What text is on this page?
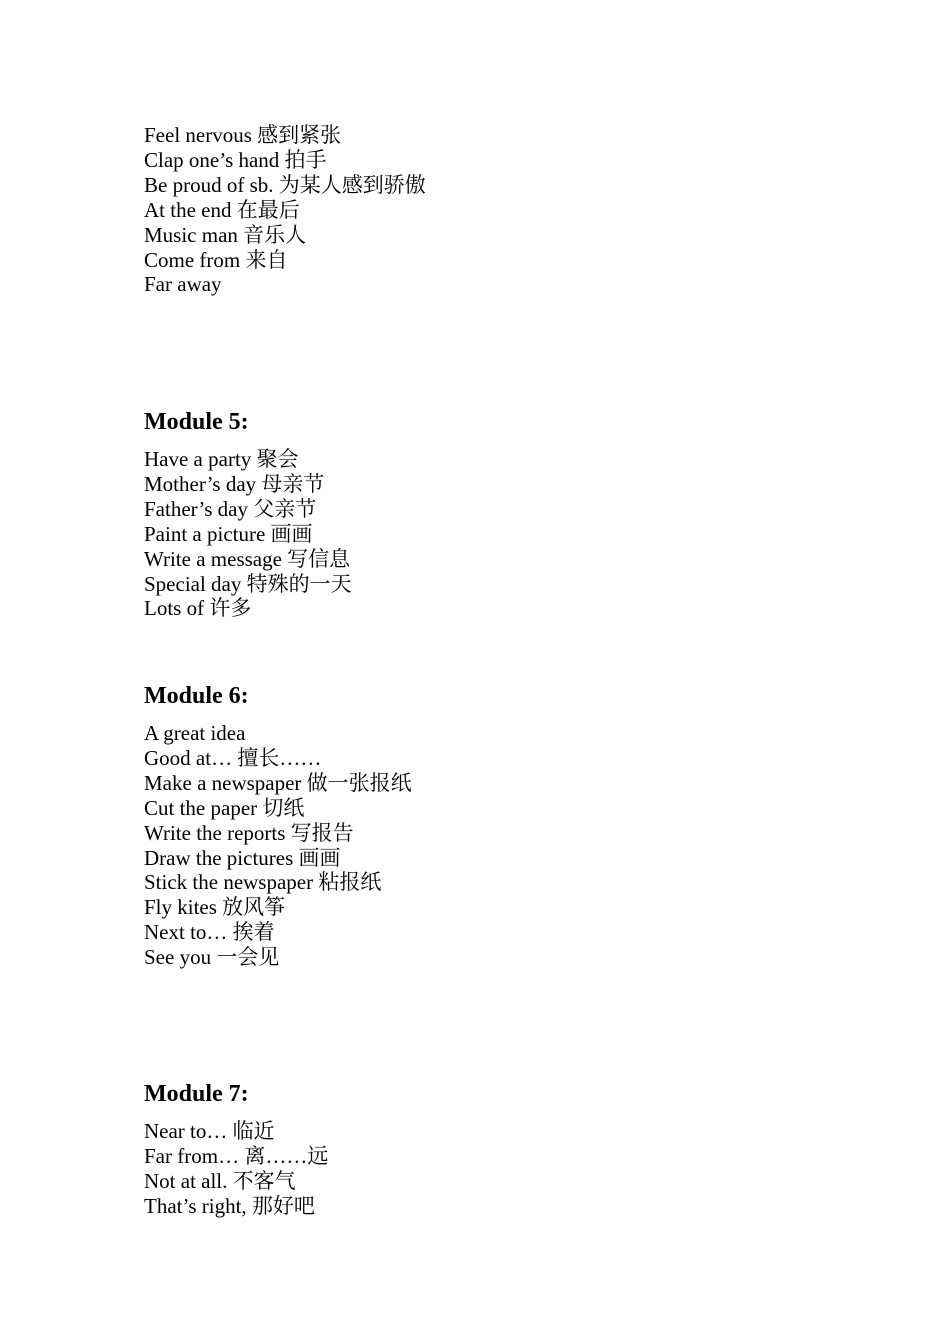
Feel nervous 感到紧张
Clap one’s hand 拍手
Be proud of sb. 为某人感到骄傲
At the end 在最后
Music man 音乐人
Come from 来自
Far away
Module 5:
Have a party 聚会
Mother’s day 母亲节
Father’s day 父亲节
Paint a picture 画画
Write a message 写信息
Special day 特殊的一天
Lots of 许多
Module 6:
A great idea
Good at… 擅长……
Make a newspaper 做一张报纸
Cut the paper 切纸
Write the reports 写报告
Draw the pictures 画画
Stick the newspaper 粘报纸
Fly kites 放风筝
Next to… 挨着
See you 一会见
Module 7:
Near to… 临近
Far from… 离……远
Not at all. 不客气
That’s right, 那好吧
